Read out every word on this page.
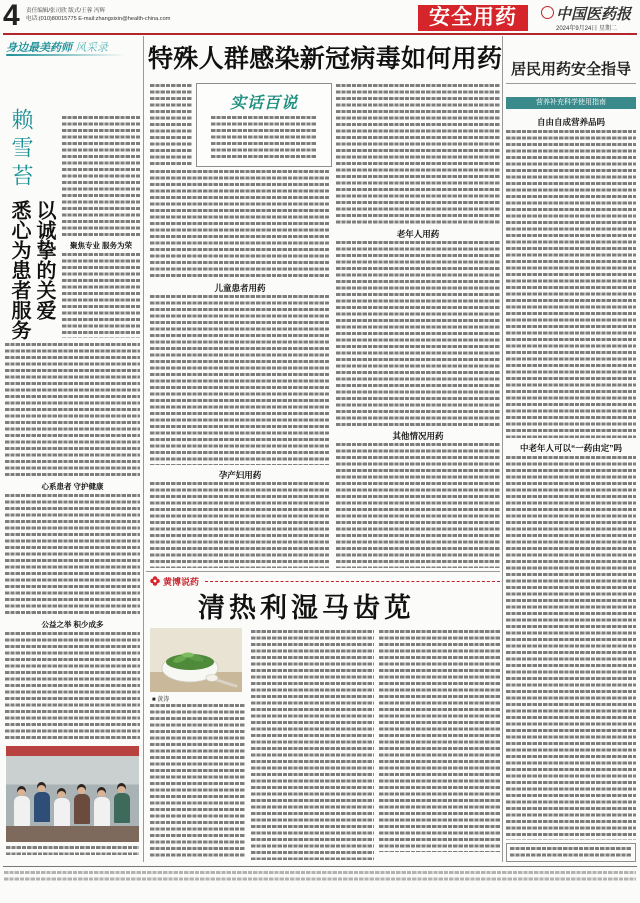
4 责任编辑/张司欣 版式/王蓉 冯辉
电话:(010)80015775 E-mail:zhangsixin@health-china.com	安全用药	中国医药报
2024年9月24日 星期二
身边最美药师 风采录
赖雪苔
以诚挚的关爱
悉心为患者服务	聚焦专业 服务为荣
心系患者 守护健康
公益之举 积少成多
特殊人群感染新冠病毒如何用药
实话百说
儿童患者用药
孕产妇用药
老年人用药
其他情况用药
黄博说药
清热利湿马齿苋
■ 黄涛
居民用药安全指导
营养补充科学使用指南
自由自成营养品吗
中老年人可以“一药由定”吗
